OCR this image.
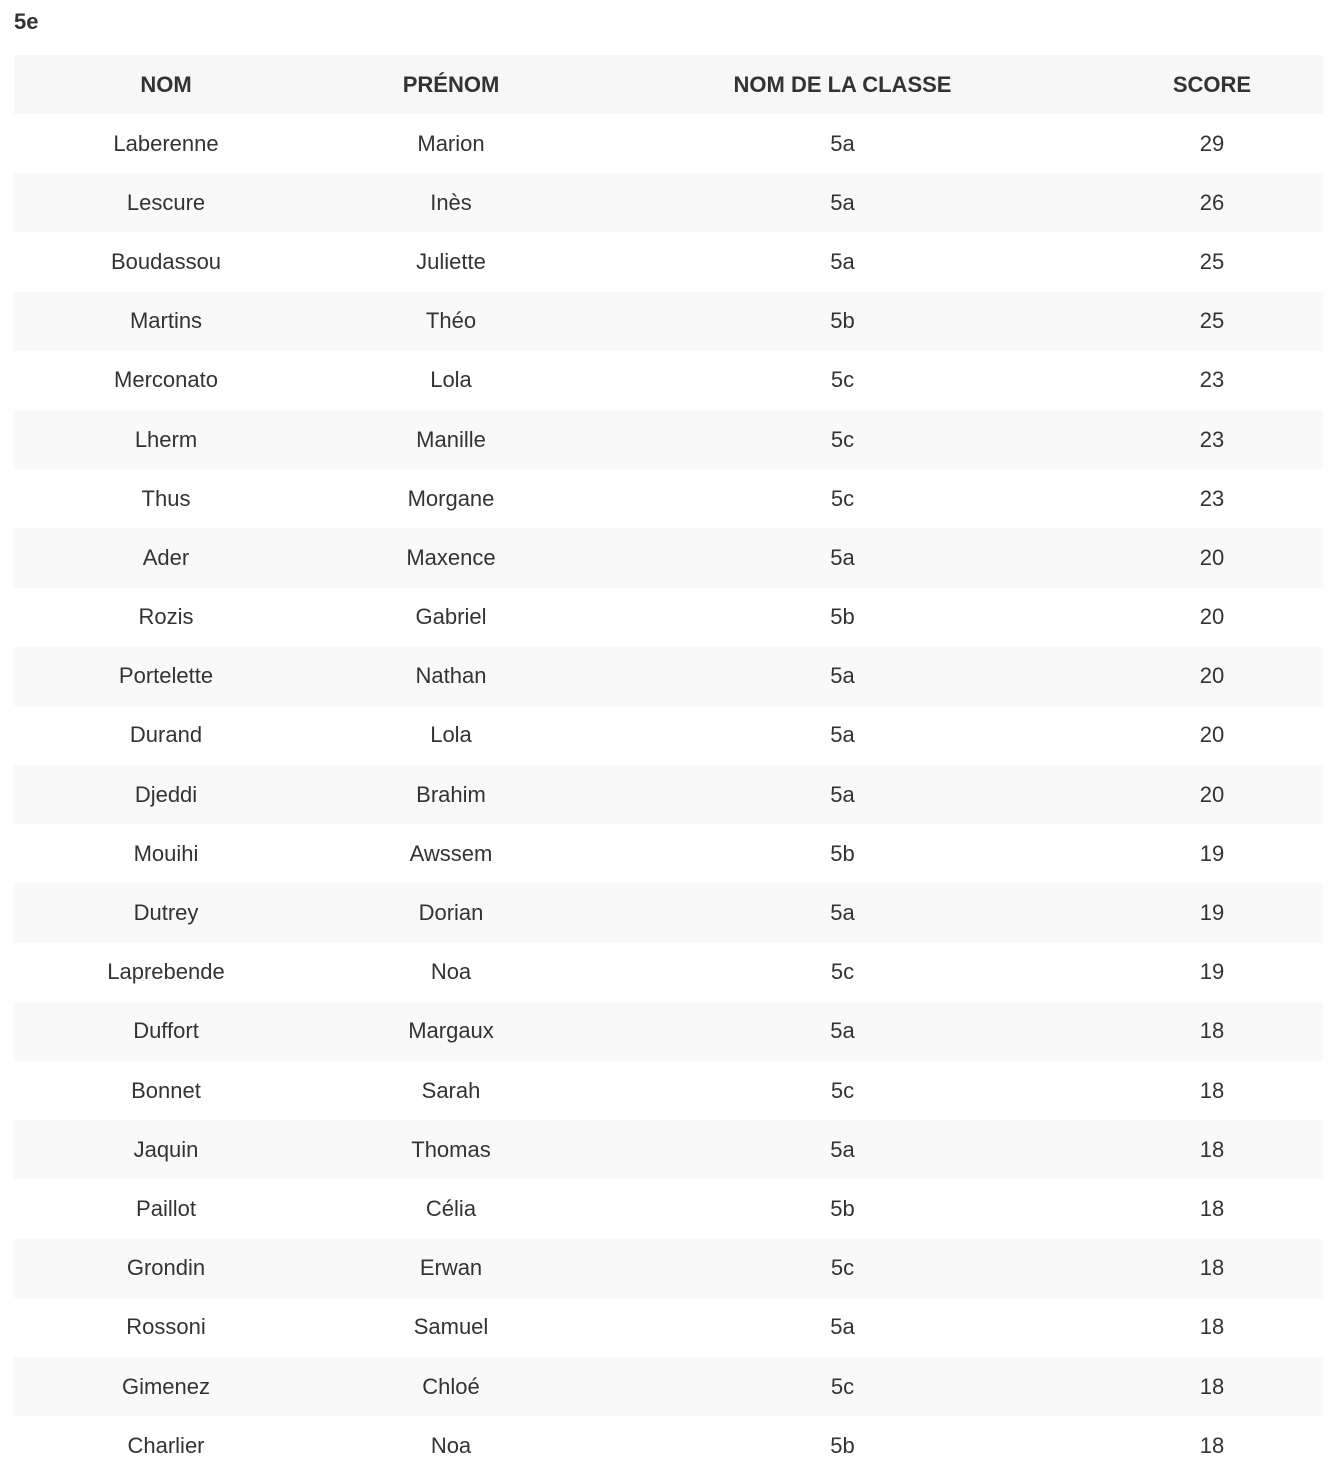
5e
NOM	PRÉNOM	NOM DE LA CLASSE	SCORE
Laberenne	Marion	5a	29
Lescure	Inès	5a	26
Boudassou	Juliette	5a	25
Martins	Théo	5b	25
Merconato	Lola	5c	23
Lherm	Manille	5c	23
Thus	Morgane	5c	23
Ader	Maxence	5a	20
Rozis	Gabriel	5b	20
Portelette	Nathan	5a	20
Durand	Lola	5a	20
Djeddi	Brahim	5a	20
Mouihi	Awssem	5b	19
Dutrey	Dorian	5a	19
Laprebende	Noa	5c	19
Duffort	Margaux	5a	18
Bonnet	Sarah	5c	18
Jaquin	Thomas	5a	18
Paillot	Célia	5b	18
Grondin	Erwan	5c	18
Rossoni	Samuel	5a	18
Gimenez	Chloé	5c	18
Charlier	Noa	5b	18
